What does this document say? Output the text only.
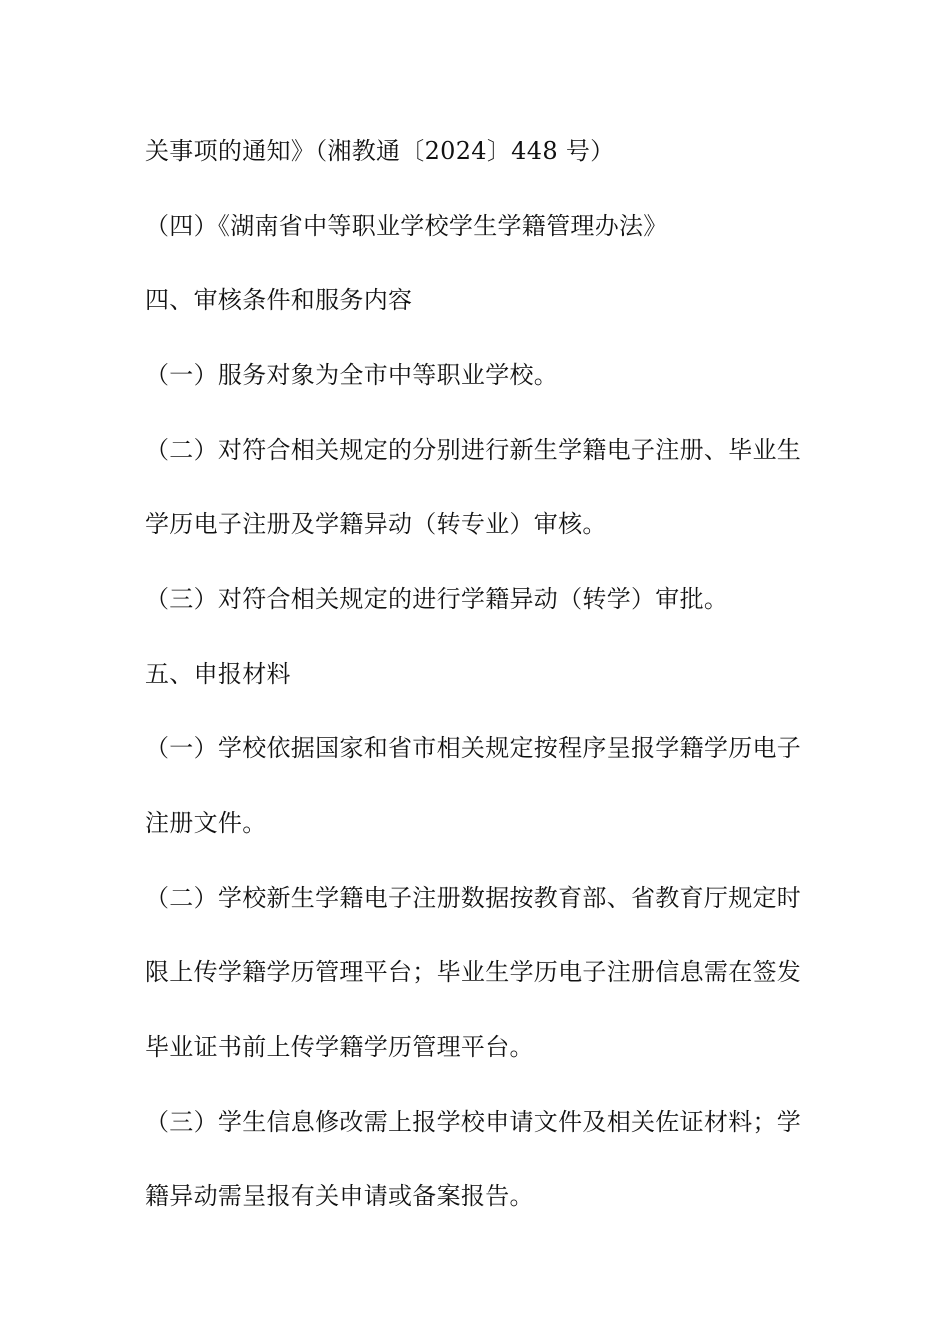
关事项的通知》（湘教通〔2024〕448 号）
（四）《湖南省中等职业学校学生学籍管理办法》
四、审核条件和服务内容
（一）服务对象为全市中等职业学校。
（二）对符合相关规定的分别进行新生学籍电子注册、毕业生
学历电子注册及学籍异动（转专业）审核。
（三）对符合相关规定的进行学籍异动（转学）审批。
五、申报材料
（一）学校依据国家和省市相关规定按程序呈报学籍学历电子
注册文件。
（二）学校新生学籍电子注册数据按教育部、省教育厅规定时
限上传学籍学历管理平台；毕业生学历电子注册信息需在签发
毕业证书前上传学籍学历管理平台。
（三）学生信息修改需上报学校申请文件及相关佐证材料；学
籍异动需呈报有关申请或备案报告。
